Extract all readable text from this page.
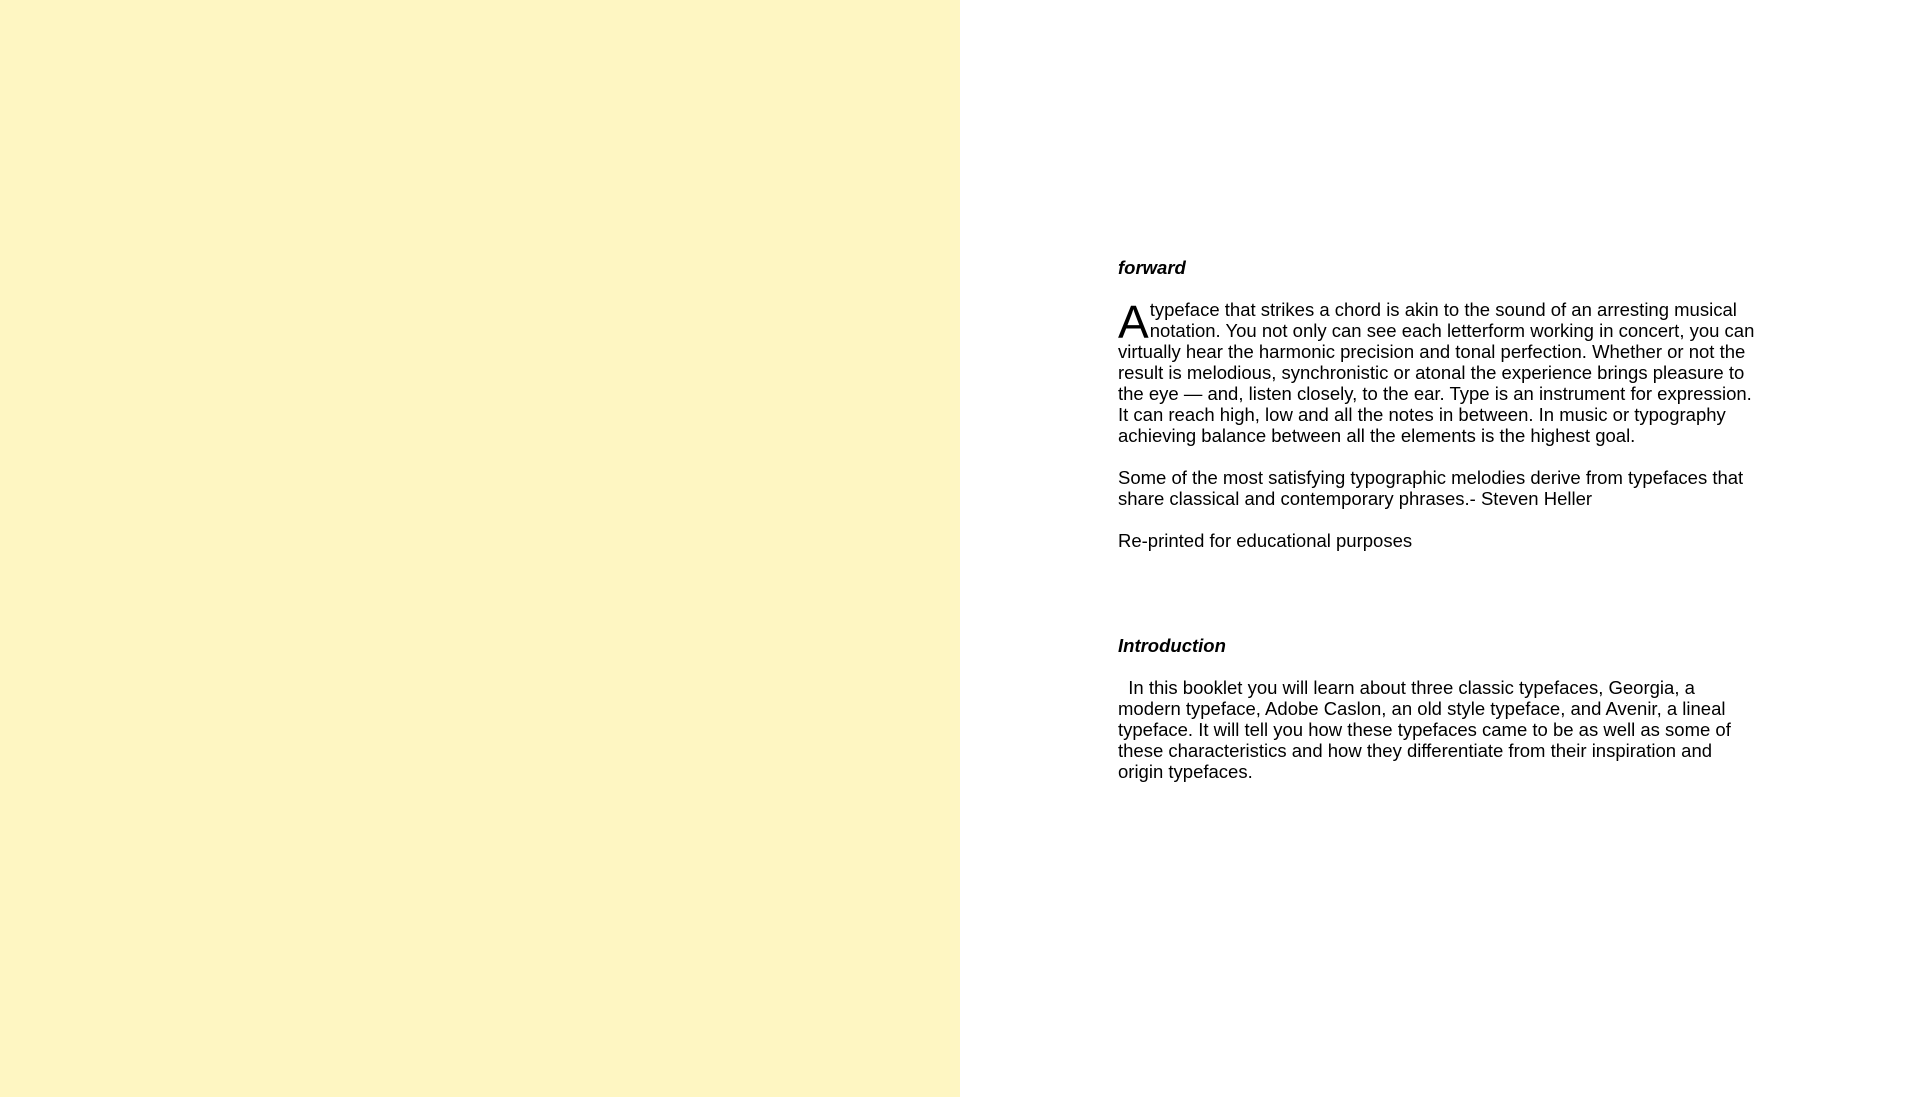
forward

Atypeface that strikes a chord is akin to the sound of an arresting musical notation. You not only can see each letterform working in concert, you can virtually hear the harmonic precision and tonal perfection. Whether or not the result is melodious, synchronistic or atonal the experience brings pleasure to the eye — and, listen closely, to the ear. Type is an instrument for expression. It can reach high, low and all the notes in between. In music or typography achieving balance between all the elements is the highest goal.

Some of the most satisfying typographic melodies derive from typefaces that share classical and contemporary phrases.- Steven Heller

Re-printed for educational purposes

Introduction

In this booklet you will learn about three classic typefaces, Georgia, a modern typeface, Adobe Caslon, an old style typeface, and Avenir, a lineal typeface. It will tell you how these typefaces came to be as well as some of these characteristics and how they differentiate from their inspiration and origin typefaces.
